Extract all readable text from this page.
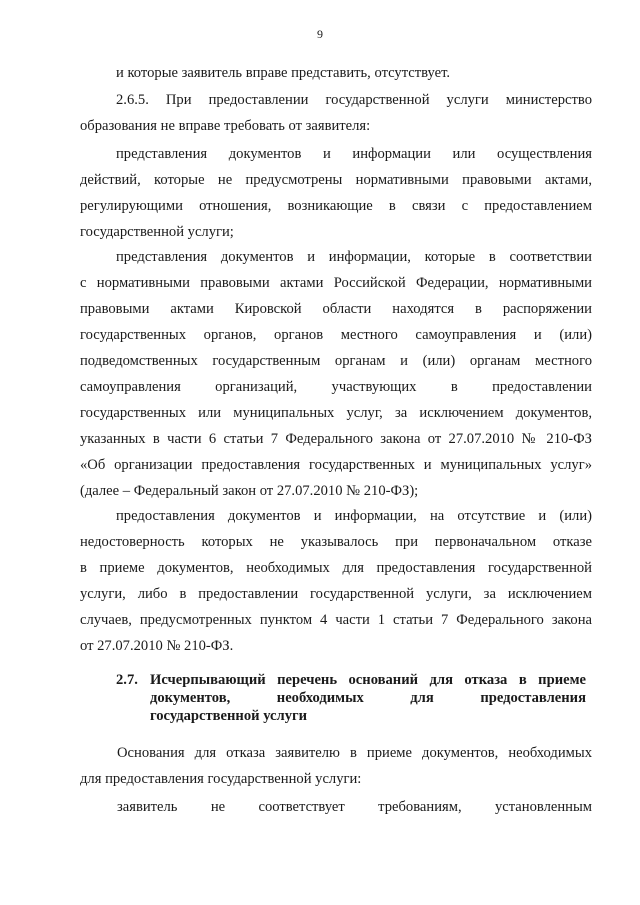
9
и которые заявитель вправе представить, отсутствует.
2.6.5. При предоставлении государственной услуги министерство
образования не вправе требовать от заявителя:
представления документов и информации или осуществления
действий, которые не предусмотрены нормативными правовыми актами,
регулирующими отношения, возникающие в связи с предоставлением
государственной услуги;
представления документов и информации, которые в соответствии
с нормативными правовыми актами Российской Федерации, нормативными
правовыми актами Кировской области находятся в распоряжении
государственных органов, органов местного самоуправления и (или)
подведомственных государственным органам и (или) органам местного
самоуправления организаций, участвующих в предоставлении
государственных или муниципальных услуг, за исключением документов,
указанных в части 6 статьи 7 Федерального закона от 27.07.2010 № 210-ФЗ
«Об организации предоставления государственных и муниципальных услуг»
(далее – Федеральный закон от 27.07.2010 № 210-ФЗ);
предоставления документов и информации, на отсутствие и (или)
недостоверность которых не указывалось при первоначальном отказе
в приеме документов, необходимых для предоставления государственной
услуги, либо в предоставлении государственной услуги, за исключением
случаев, предусмотренных пунктом 4 части 1 статьи 7 Федерального закона
от 27.07.2010 № 210-ФЗ.
2.7. Исчерпывающий перечень оснований для отказа в приеме
документов, необходимых для предоставления
государственной услуги
Основания для отказа заявителю в приеме документов, необходимых
для предоставления государственной услуги:
заявитель не соответствует требованиям, установленным
